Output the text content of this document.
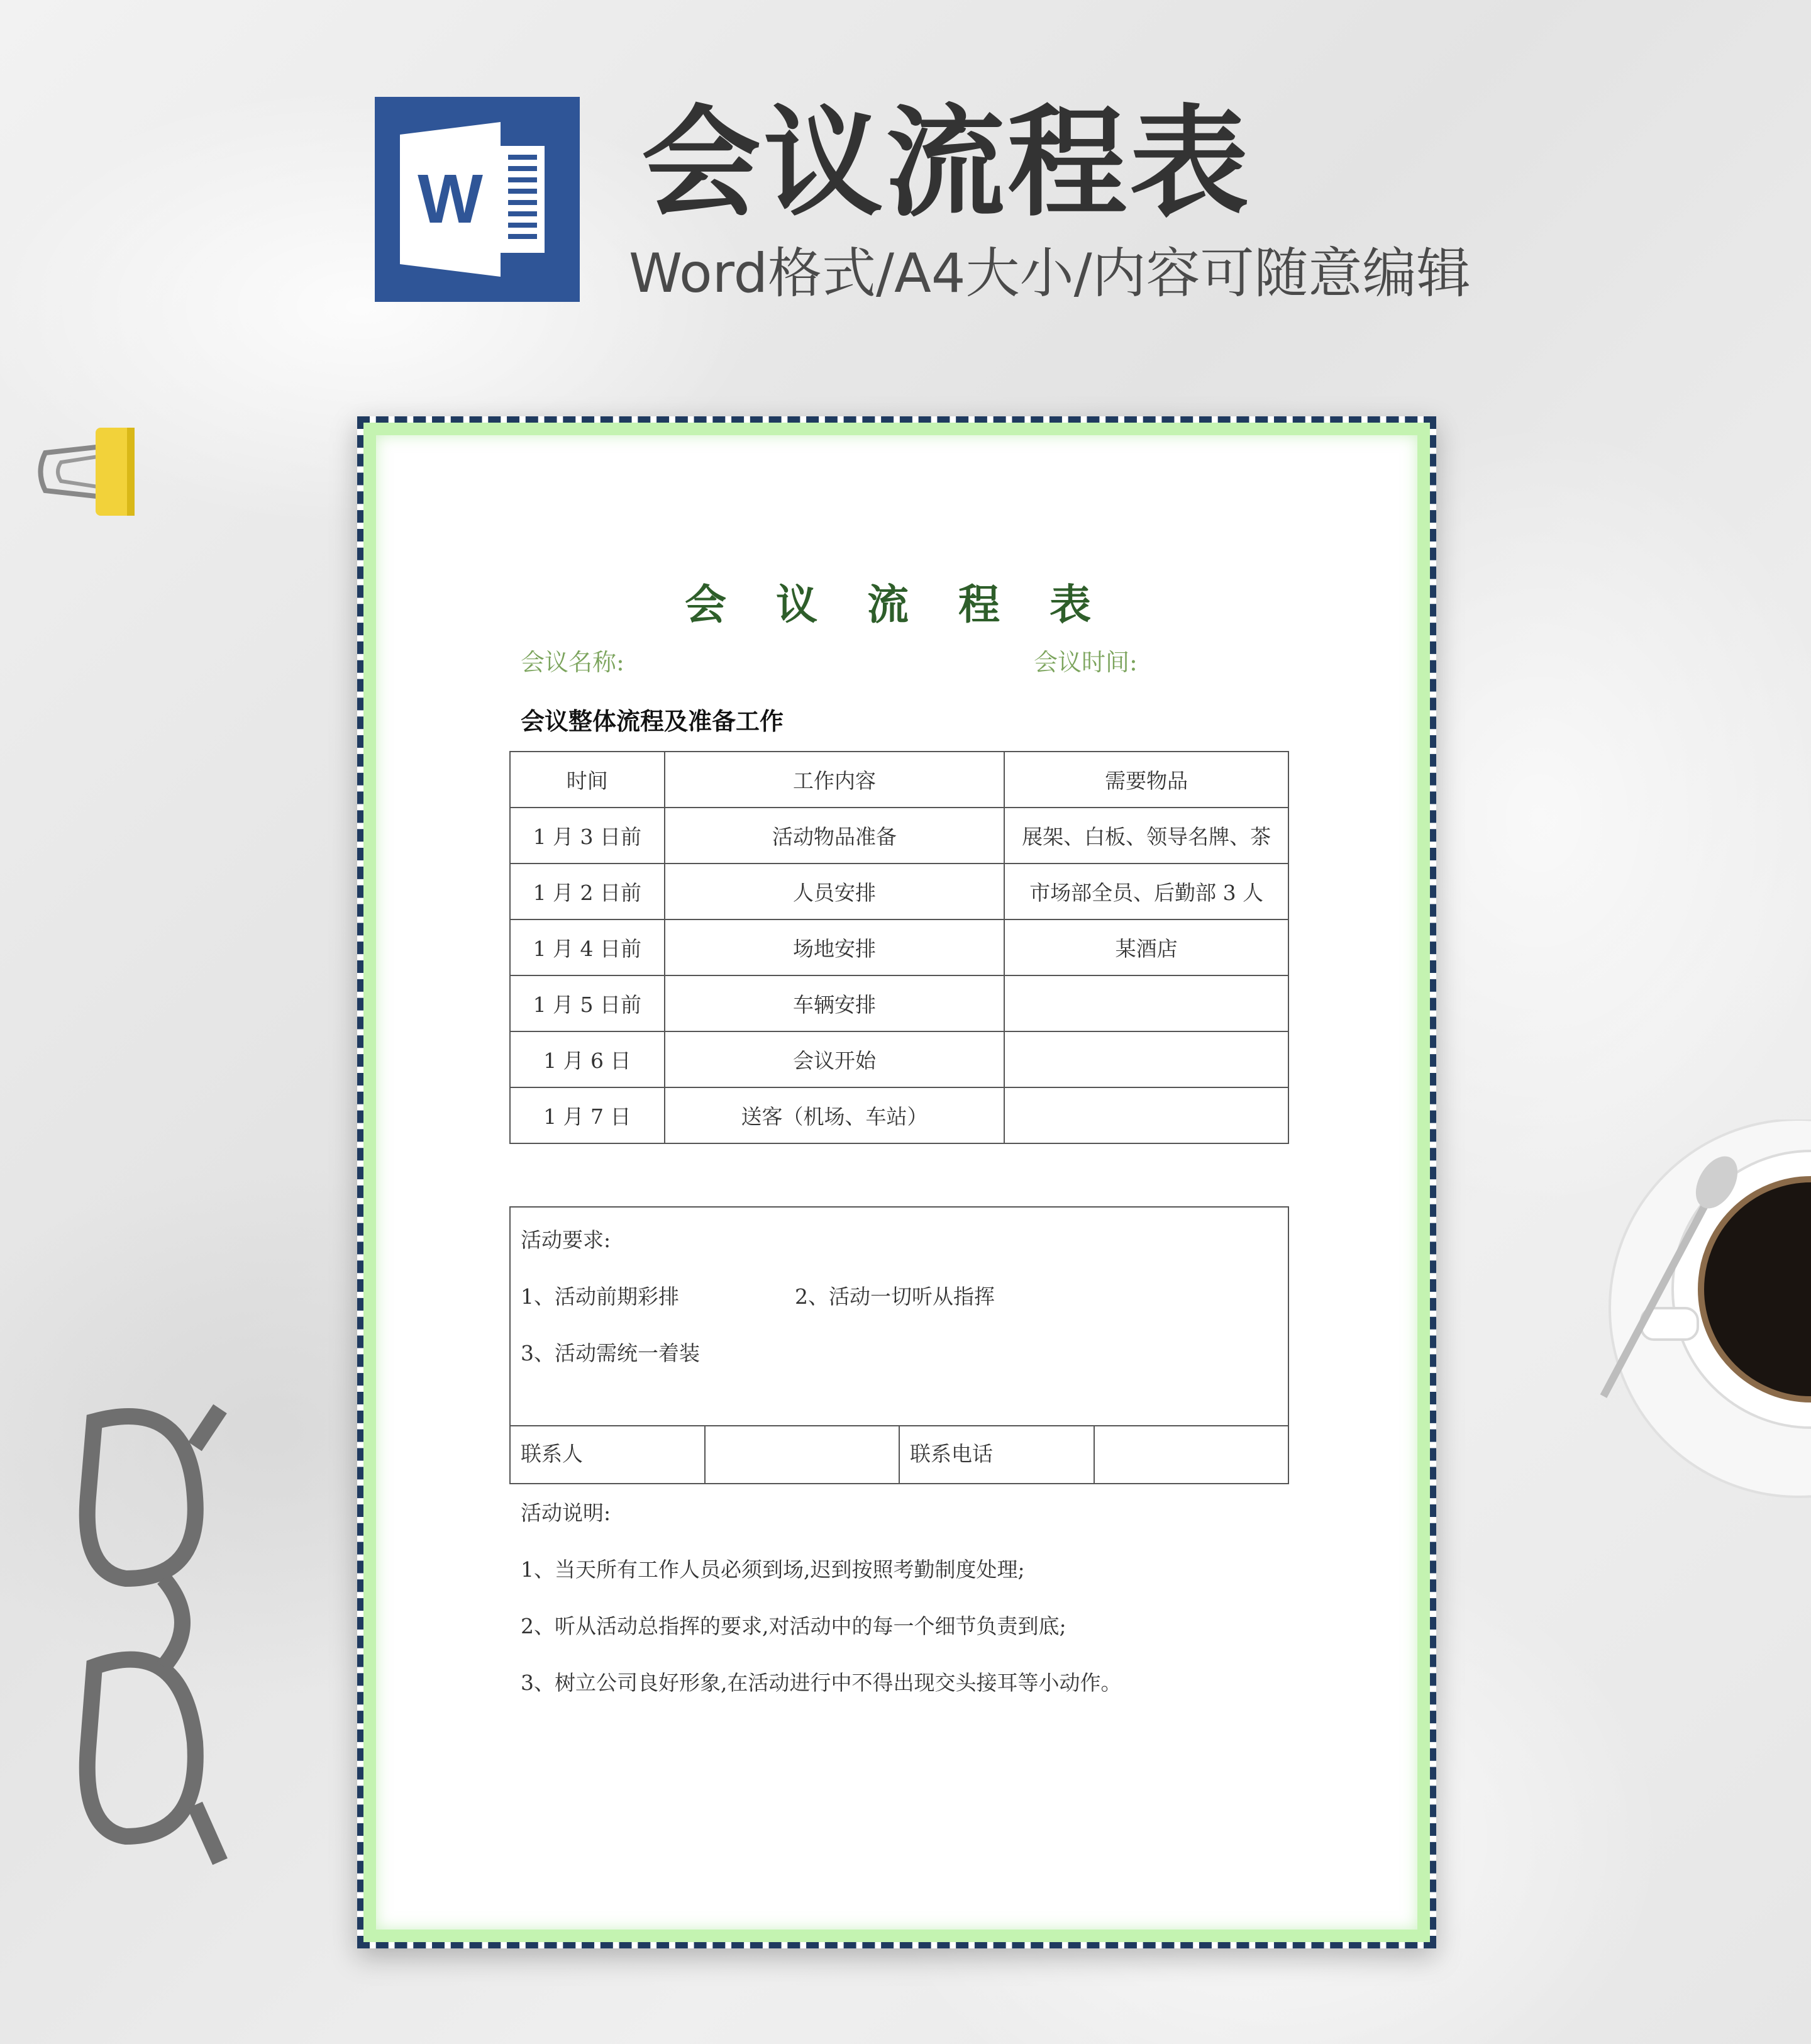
W 会议流程表

Word格式/A4大小/内容可随意编辑

会 议 流 程 表
会议名称:	会议时间:
会议整体流程及准备工作
时间	工作内容	需要物品
1 月 3 日前	活动物品准备	展架、白板、领导名牌、茶
1 月 2 日前	人员安排	市场部全员、后勤部 3 人
1 月 4 日前	场地安排	某酒店
1 月 5 日前	车辆安排	
1 月 6 日	会议开始	
1 月 7 日	送客（机场、车站）	
活动要求:
1、活动前期彩排	2、活动一切听从指挥
3、活动需统一着装
联系人	联系电话

活动说明:

1、当天所有工作人员必须到场,迟到按照考勤制度处理;

2、听从活动总指挥的要求,对活动中的每一个细节负责到底;

3、树立公司良好形象,在活动进行中不得出现交头接耳等小动作。
